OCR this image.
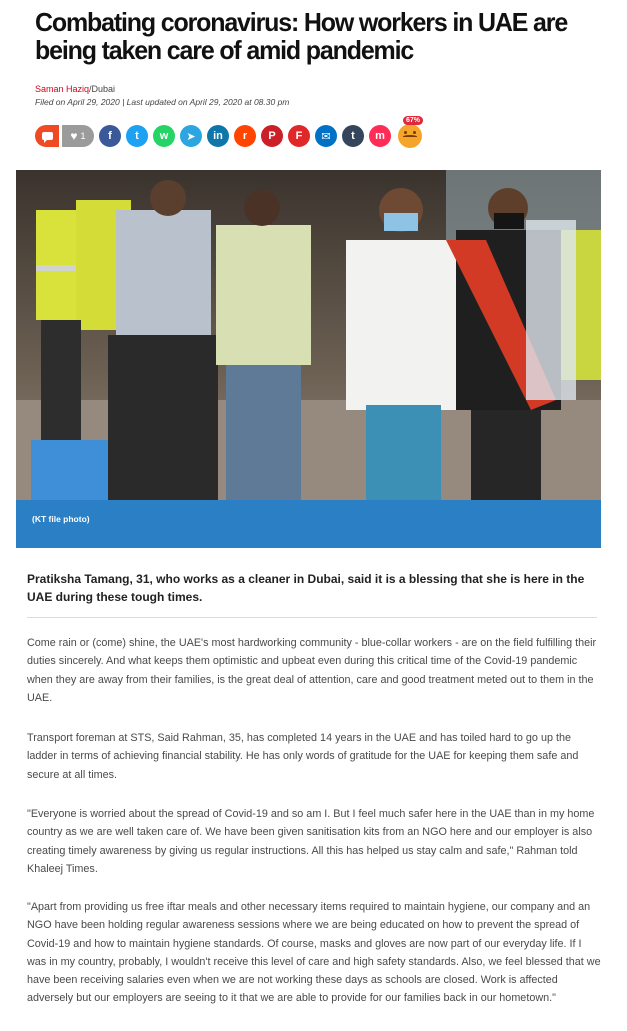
Combating coronavirus: How workers in UAE are being taken care of amid pandemic
Saman Haziq/Dubai
Filed on April 29, 2020 | Last updated on April 29, 2020 at 08.30 pm
♥ 1 f t w ➤ in r P F ✉ t m
67%
(KT file photo)

Pratiksha Tamang, 31, who works as a cleaner in Dubai, said it is a blessing that she is here in the UAE during these tough times.

Come rain or (come) shine, the UAE's most hardworking community - blue-collar workers - are on the field fulfilling their duties sincerely. And what keeps them optimistic and upbeat even during this critical time of the Covid-19 pandemic when they are away from their families, is the great deal of attention, care and good treatment meted out to them in the UAE.

Transport foreman at STS, Said Rahman, 35, has completed 14 years in the UAE and has toiled hard to go up the ladder in terms of achieving financial stability. He has only words of gratitude for the UAE for keeping them safe and secure at all times.

"Everyone is worried about the spread of Covid-19 and so am I. But I feel much safer here in the UAE than in my home country as we are well taken care of. We have been given sanitisation kits from an NGO here and our employer is also creating timely awareness by giving us regular instructions. All this has helped us stay calm and safe," Rahman told Khaleej Times.

"Apart from providing us free iftar meals and other necessary items required to maintain hygiene, our company and an NGO have been holding regular awareness sessions where we are being educated on how to prevent the spread of Covid-19 and how to maintain hygiene standards. Of course, masks and gloves are now part of our everyday life. If I was in my country, probably, I wouldn't receive this level of care and high safety standards. Also, we feel blessed that we have been receiving salaries even when we are not working these days as schools are closed. Work is affected adversely but our employers are seeing to it that we are able to provide for our families back in our hometown."
